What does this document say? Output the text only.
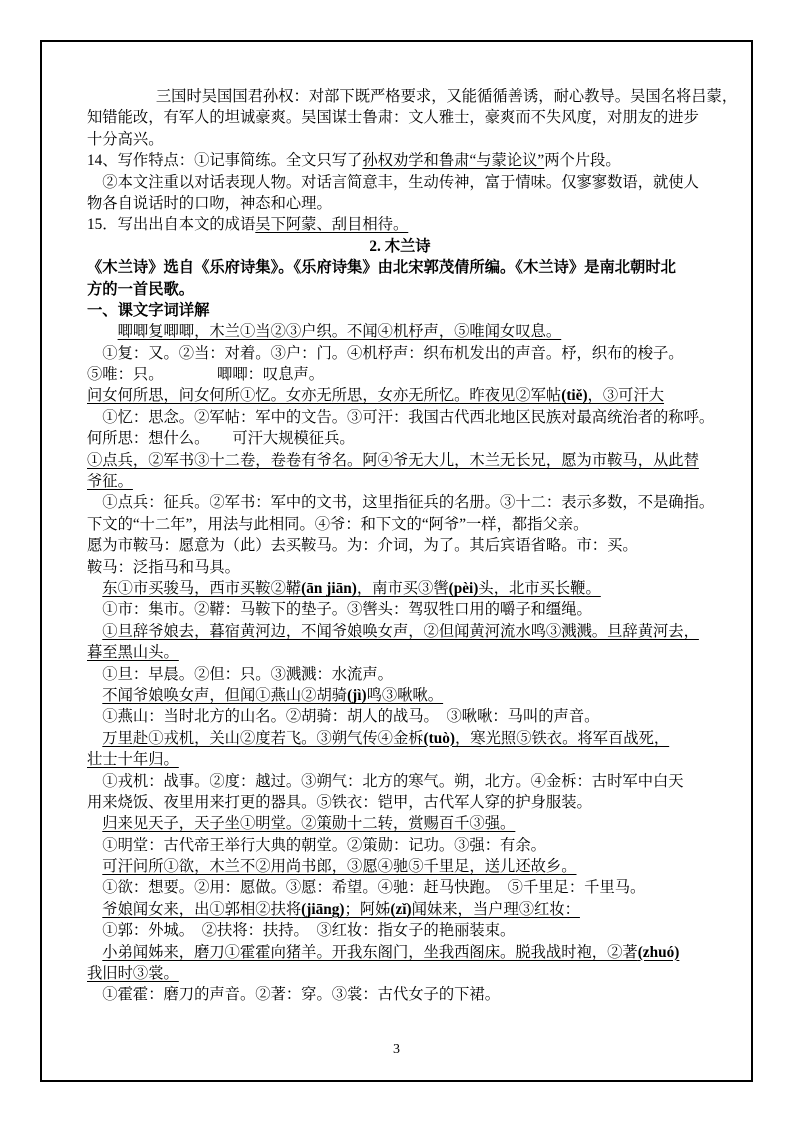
三国时吴国国君孙权：对部下既严格要求，又能循循善诱，耐心教导。吴国名将吕蒙，
知错能改，有军人的坦诚豪爽。吴国谋士鲁肃：文人雅士，豪爽而不失风度，对朋友的进步
十分高兴。
14、写作特点：①记事简练。全文只写了孙权劝学和鲁肃“与蒙论议”两个片段。
②本文注重以对话表现人物。对话言简意丰，生动传神，富于情味。仅寥寥数语，就使人
物各自说话时的口吻，神态和心理。
15．写出出自本文的成语吴下阿蒙、刮目相待。
2. 木兰诗
《木兰诗》选自《乐府诗集》。《乐府诗集》由北宋郭茂倩所编。《木兰诗》是南北朝时北
方的一首民歌。
一、课文字词详解
唧唧复唧唧，木兰①当②③户织。不闻④机杼声，⑤唯闻女叹息。
①复：又。②当：对着。③户：门。④机杼声：织布机发出的声音。杼，织布的梭子。
⑤唯：只。　　　　唧唧：叹息声。
问女何所思，问女何所①忆。女亦无所思，女亦无所忆。昨夜见②军帖(tiě)，③可汗大
①忆：思念。②军帖：军中的文告。③可汗：我国古代西北地区民族对最高统治者的称呼。
何所思：想什么。　　可汗大规模征兵。
①点兵，②军书③十二卷，卷卷有爷名。阿④爷无大儿，木兰无长兄，愿为市鞍马，从此替
爷征。
①点兵：征兵。②军书：军中的文书，这里指征兵的名册。③十二：表示多数，不是确指。
下文的“十二年”，用法与此相同。④爷：和下文的“阿爷”一样，都指父亲。
愿为市鞍马：愿意为（此）去买鞍马。为：介词，为了。其后宾语省略。市：买。
鞍马：泛指马和马具。
东①市买骏马，西市买鞍②鞯(ān jiān)，南市买③辔(pèi)头，北市买长鞭。
①市：集市。②鞯：马鞍下的垫子。③辔头：驾驭牲口用的嚼子和缰绳。
①旦辞爷娘去，暮宿黄河边，不闻爷娘唤女声，②但闻黄河流水鸣③溅溅。旦辞黄河去，
暮至黑山头。
①旦：早晨。②但：只。③溅溅：水流声。
不闻爷娘唤女声，但闻①燕山②胡骑(jì)鸣③啾啾。
①燕山：当时北方的山名。②胡骑：胡人的战马。　③啾啾：马叫的声音。
万里赴①戎机，关山②度若飞。③朔气传④金柝(tuò)，寒光照⑤铁衣。将军百战死，
壮士十年归。
①戎机：战事。②度：越过。③朔气：北方的寒气。朔，北方。④金柝：古时军中白天
用来烧饭、夜里用来打更的器具。⑤铁衣：铠甲，古代军人穿的护身服装。
归来见天子，天子坐①明堂。②策勋十二转，赏赐百千③强。
①明堂：古代帝王举行大典的朝堂。②策勋：记功。③强：有余。
可汗问所①欲，木兰不②用尚书郎，③愿④驰⑤千里足，送儿还故乡。
①欲：想要。②用：愿做。③愿：希望。④驰：赶马快跑。　⑤千里足：千里马。
爷娘闻女来，出①郭相②扶将(jiāng)；阿姊(zǐ)闻妹来，当户理③红妆：
①郭：外城。　②扶将：扶持。　③红妆：指女子的艳丽装束。
小弟闻姊来，磨刀①霍霍向猪羊。开我东阁门，坐我西阁床。脱我战时袍，②著(zhuó)
我旧时③裳。
①霍霍：磨刀的声音。②著：穿。③裳：古代女子的下裙。
3
